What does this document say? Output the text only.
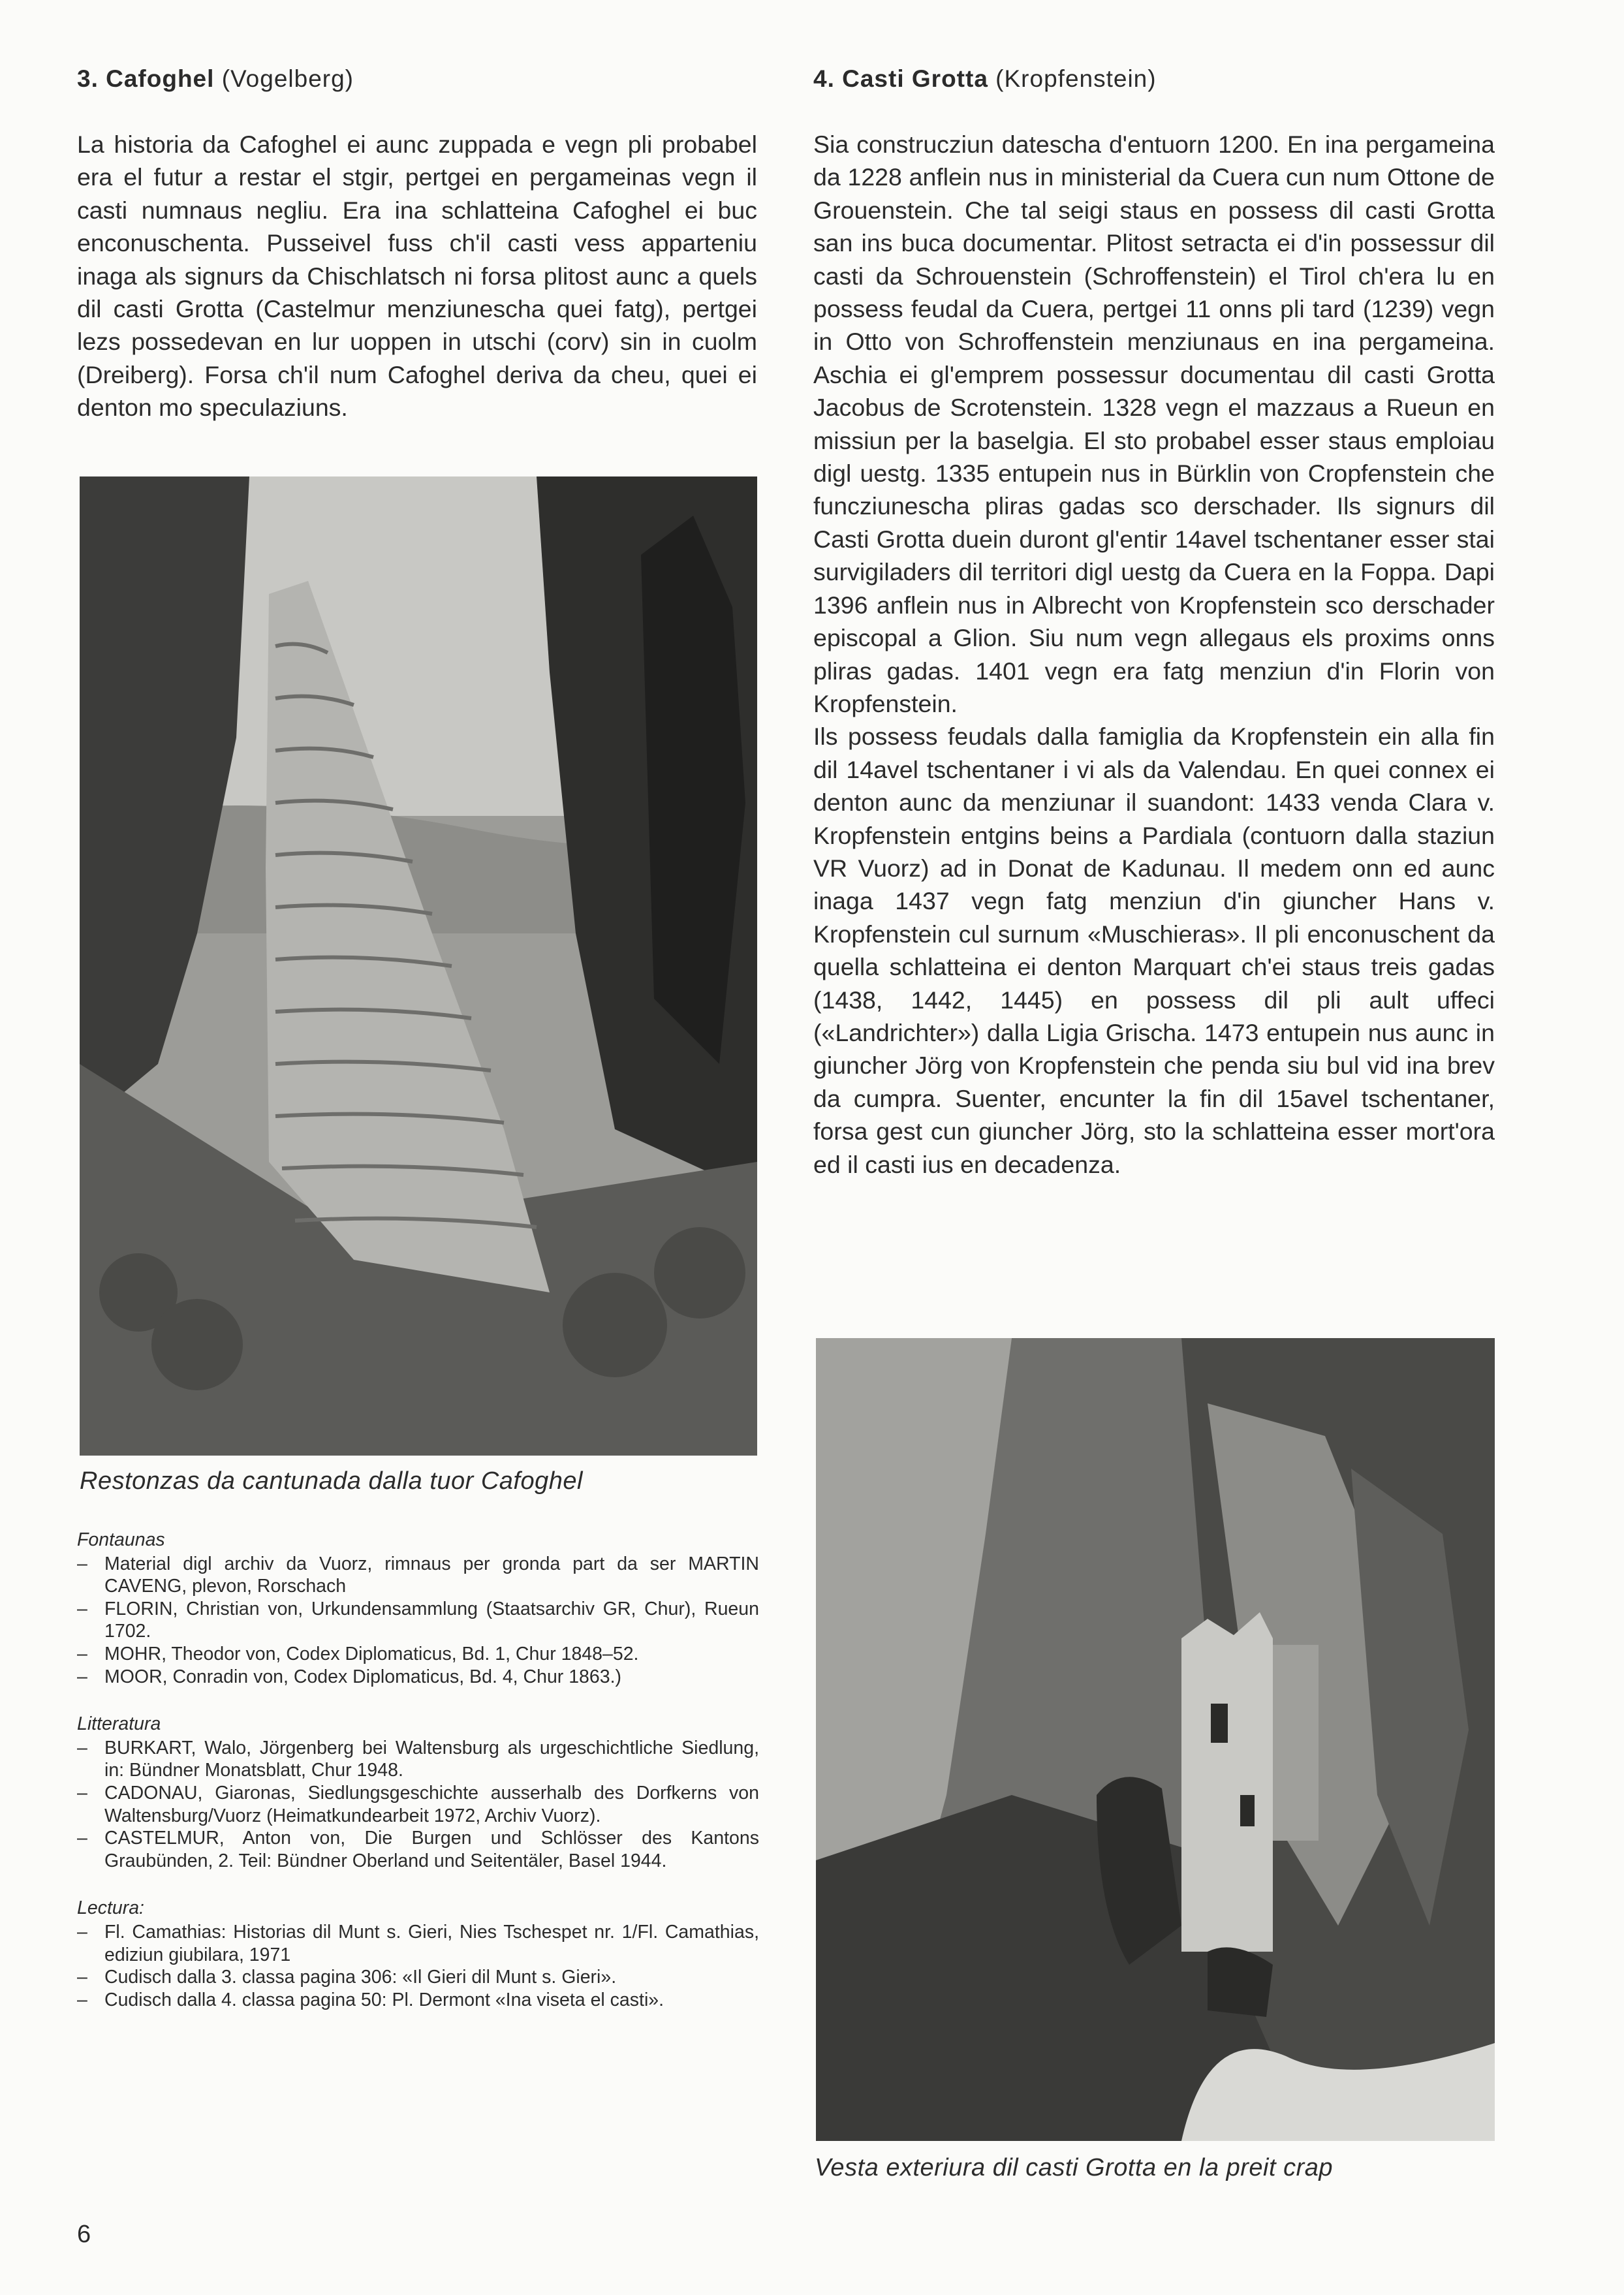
3. Cafoghel (Vogelberg)

La historia da Cafoghel ei aunc zuppada e vegn pli probabel era el futur a restar el stgir, pertgei en pergameinas vegn il casti numnaus negliu. Era ina schlatteina Cafoghel ei buc enconuschenta. Pusseivel fuss ch'il casti vess apparteniu inaga als signurs da Chischlatsch ni forsa plitost aunc a quels dil casti Grotta (Castelmur menziunescha quei fatg), pertgei lezs possedevan en lur uoppen in utschi (corv) sin in cuolm (Dreiberg). Forsa ch'il num Cafoghel deriva da cheu, quei ei denton mo speculaziuns.

Restonzas da cantunada dalla tuor Cafoghel
Fontaunas
– Material digl archiv da Vuorz, rimnaus per gronda part da ser MARTIN CAVENG, plevon, Rorschach
– FLORIN, Christian von, Urkundensammlung (Staatsarchiv GR, Chur), Rueun 1702.
– MOHR, Theodor von, Codex Diplomaticus, Bd. 1, Chur 1848–52.
– MOOR, Conradin von, Codex Diplomaticus, Bd. 4, Chur 1863.)
Litteratura
– BURKART, Walo, Jörgenberg bei Waltensburg als urgeschichtliche Siedlung, in: Bündner Monatsblatt, Chur 1948.
– CADONAU, Giaronas, Siedlungsgeschichte ausserhalb des Dorfkerns von Waltensburg/Vuorz (Heimatkundearbeit 1972, Archiv Vuorz).
– CASTELMUR, Anton von, Die Burgen und Schlösser des Kantons Graubünden, 2. Teil: Bündner Oberland und Seitentäler, Basel 1944.
Lectura:
– Fl. Camathias: Historias dil Munt s. Gieri, Nies Tschespet nr. 1/Fl. Camathias, ediziun giubilara, 1971
– Cudisch dalla 3. classa pagina 306: «Il Gieri dil Munt s. Gieri».
– Cudisch dalla 4. classa pagina 50: Pl. Dermont «Ina viseta el casti».
6
4. Casti Grotta (Kropfenstein)

Sia construcziun datescha d'entuorn 1200. En ina pergameina da 1228 anflein nus in ministerial da Cuera cun num Ottone de Grouenstein. Che tal seigi staus en possess dil casti Grotta san ins buca documentar. Plitost setracta ei d'in possessur dil casti da Schrouenstein (Schroffenstein) el Tirol ch'era lu en possess feudal da Cuera, pertgei 11 onns pli tard (1239) vegn in Otto von Schroffenstein menziunaus en ina pergameina. Aschia ei gl'emprem possessur documentau dil casti Grotta Jacobus de Scrotenstein. 1328 vegn el mazzaus a Rueun en missiun per la baselgia. El sto probabel esser staus emploiau digl uestg. 1335 entupein nus in Bürklin von Cropfenstein che funcziunescha pliras gadas sco derschader. Ils signurs dil Casti Grotta duein duront gl'entir 14avel tschentaner esser stai survigiladers dil territori digl uestg da Cuera en la Foppa. Dapi 1396 anflein nus in Albrecht von Kropfenstein sco derschader episcopal a Glion. Siu num vegn allegaus els proxims onns pliras gadas. 1401 vegn era fatg menziun d'in Florin von Kropfenstein.

Ils possess feudals dalla famiglia da Kropfenstein ein alla fin dil 14avel tschentaner i vi als da Valendau. En quei connex ei denton aunc da menziunar il suandont: 1433 venda Clara v. Kropfenstein entgins beins a Pardiala (contuorn dalla staziun VR Vuorz) ad in Donat de Kadunau. Il medem onn ed aunc inaga 1437 vegn fatg menziun d'in giuncher Hans v. Kropfenstein cul surnum «Muschieras». Il pli enconuschent da quella schlatteina ei denton Marquart ch'ei staus treis gadas (1438, 1442, 1445) en possess dil pli ault uffeci («Landrichter») dalla Ligia Grischa. 1473 entupein nus aunc in giuncher Jörg von Kropfenstein che penda siu bul vid ina brev da cumpra. Suenter, encunter la fin dil 15avel tschentaner, forsa gest cun giuncher Jörg, sto la schlatteina esser mort'ora ed il casti ius en decadenza.

Vesta exteriura dil casti Grotta en la preit crap
